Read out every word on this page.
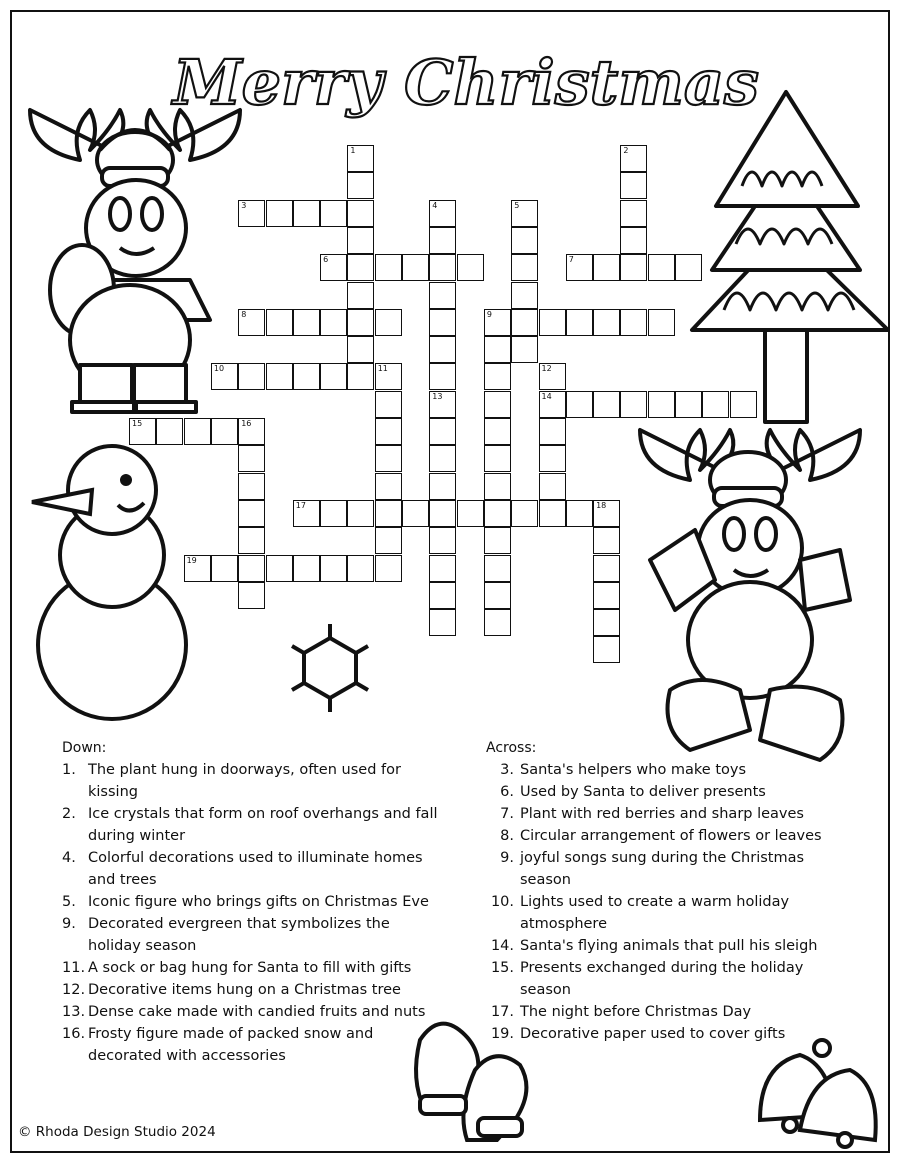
Merry Christmas
1	2
3	4
13
5
6	7
8	9
10	11	12
14
15	16
17	18
19
Down:
1. The plant hung in doorways, often used for kissing
2. Ice crystals that form on roof overhangs and fall during winter
4. Colorful decorations used to illuminate homes and trees
5. Iconic figure who brings gifts on Christmas Eve
9. Decorated evergreen that symbolizes the holiday season
11. A sock or bag hung for Santa to fill with gifts
12. Decorative items hung on a Christmas tree
13. Dense cake made with candied fruits and nuts
16. Frosty figure made of packed snow and decorated with accessories
Across:
3. Santa's helpers who make toys
6. Used by Santa to deliver presents
7. Plant with red berries and sharp leaves
8. Circular arrangement of flowers or leaves
9. joyful songs sung during the Christmas season
10. Lights used to create a warm holiday atmosphere
14. Santa's flying animals that pull his sleigh
15. Presents exchanged during the holiday season
17. The night before Christmas Day
19. Decorative paper used to cover gifts
© Rhoda Design Studio 2024
